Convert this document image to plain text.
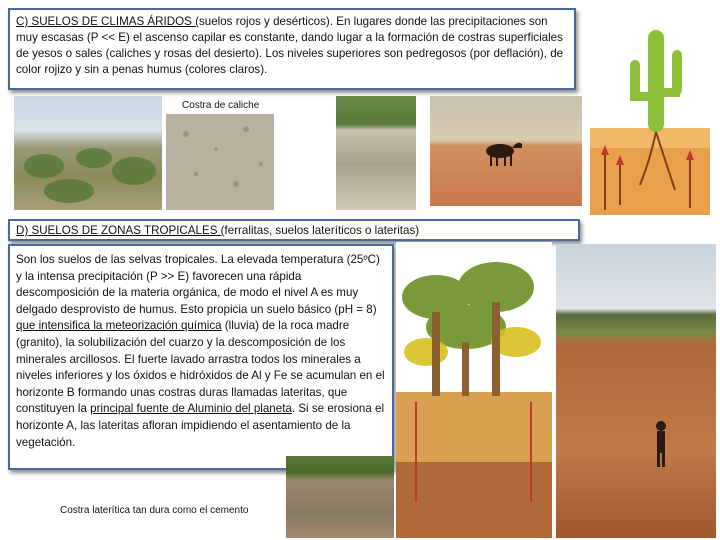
C) SUELOS DE CLIMAS ÁRIDOS (suelos rojos y desérticos). En lugares donde las precipitaciones son muy escasas (P << E) el ascenso capilar es constante, dando lugar a la formación de costras superficiales de yesos o sales (caliches y rosas del desierto). Los niveles superiores son pedregosos (por deflación), de color rojizo y sin a penas humus (colores claros).
Costra de caliche
D) SUELOS DE ZONAS TROPICALES (ferralitas, suelos lateríticos o lateritas)
Son los suelos de las selvas tropicales. La elevada temperatura (25ºC) y la intensa precipitación (P >> E) favorecen una rápida descomposición de la materia orgánica, de modo el nivel A es muy delgado desprovisto de humus. Esto propicia un suelo básico (pH = 8) que intensifica la meteorización química (lluvia) de la roca madre (granito), la solubilización del cuarzo y la descomposición de los minerales arcillosos. El fuerte lavado arrastra todos los minerales a niveles inferiores y los óxidos e hidróxidos de Al y Fe se acumulan en el horizonte B formando unas costras duras llamadas lateritas, que constituyen la principal fuente de Aluminio del planeta. Si se erosiona el horizonte A, las lateritas afloran impidiendo el asentamiento de la vegetación.
Costra laterítica tan dura como el cemento
